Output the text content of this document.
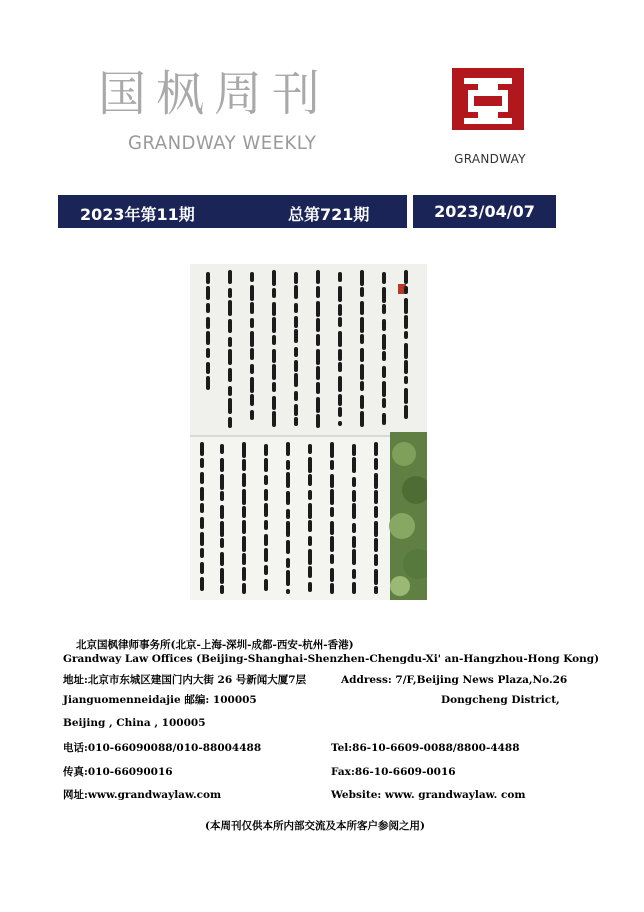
国枫周刊
GRANDWAY WEEKLY
GRANDWAY
2023年第11期	总第721期	2023/04/07
北京国枫律师事务所(北京-上海-深圳-成都-西安-杭州-香港)
Grandway Law Offices (Beijing-Shanghai-Shenzhen-Chengdu-Xi' an-Hangzhou-Hong Kong)
地址:北京市东城区建国门内大街 26 号新闻大厦7层	Address: 7/F,Beijing News Plaza,No.26
Jianguomenneidajie 邮编: 100005	Dongcheng District,
Beijing , China , 100005
电话:010-66090088/010-88004488	Tel:86-10-6609-0088/8800-4488
传真:010-66090016	Fax:86-10-6609-0016
网址:www.grandwaylaw.com	Website: www. grandwaylaw. com
(本周刊仅供本所内部交流及本所客户参阅之用)
